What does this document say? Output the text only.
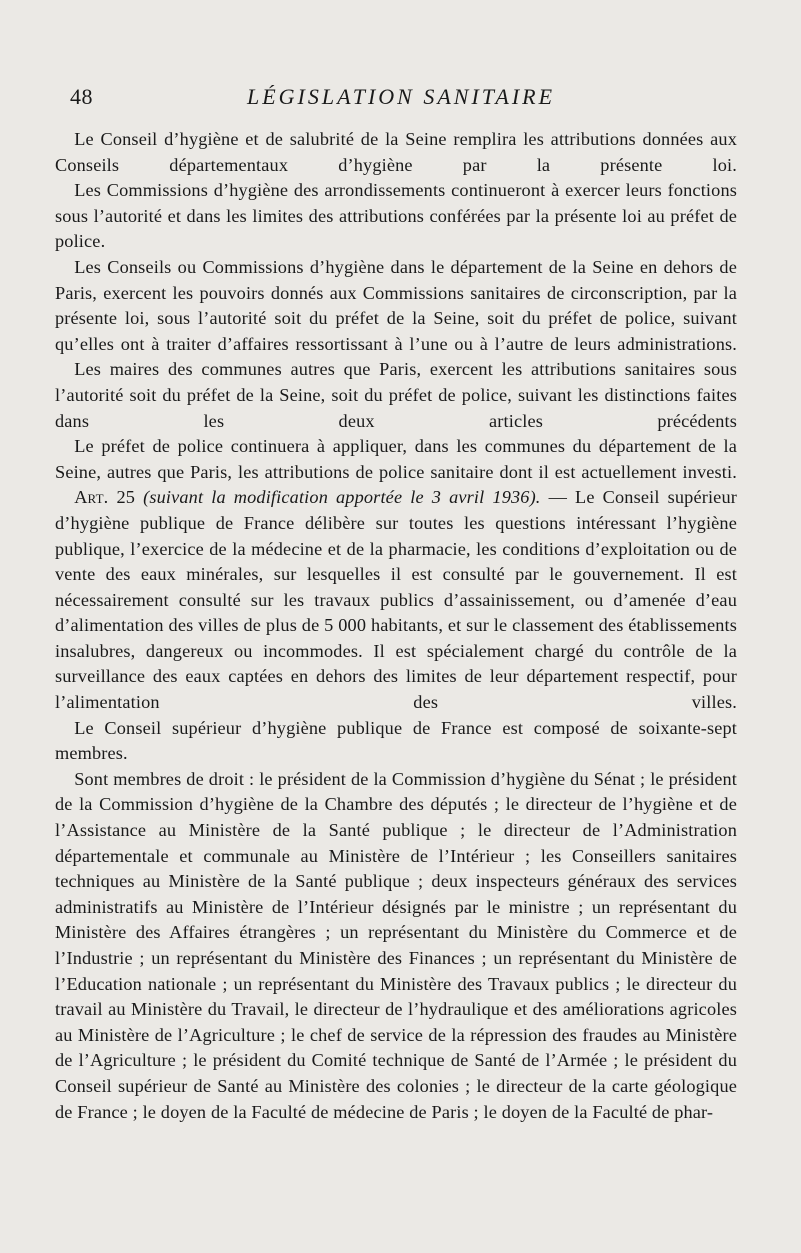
48	LÉGISLATION SANITAIRE

Le Conseil d’hygiène et de salubrité de la Seine remplira les attributions données aux Conseils départementaux d’hygiène par la présente loi.

Les Commissions d’hygiène des arrondissements continueront à exercer leurs fonctions sous l’autorité et dans les limites des attributions conférées par la présente loi au préfet de police.

Les Conseils ou Commissions d’hygiène dans le département de la Seine en dehors de Paris, exercent les pouvoirs donnés aux Commissions sanitaires de circonscription, par la présente loi, sous l’autorité soit du préfet de la Seine, soit du préfet de police, suivant qu’elles ont à traiter d’affaires ressortissant à l’une ou à l’autre de leurs administrations.

Les maires des communes autres que Paris, exercent les attributions sanitaires sous l’autorité soit du préfet de la Seine, soit du préfet de police, suivant les distinctions faites dans les deux articles précédents

Le préfet de police continuera à appliquer, dans les communes du département de la Seine, autres que Paris, les attributions de police sanitaire dont il est actuellement investi.

Art. 25 (suivant la modification apportée le 3 avril 1936). — Le Conseil supérieur d’hygiène publique de France délibère sur toutes les questions intéressant l’hygiène publique, l’exercice de la médecine et de la pharmacie, les conditions d’exploitation ou de vente des eaux minérales, sur lesquelles il est consulté par le gouvernement. Il est nécessairement consulté sur les travaux publics d’assainissement, ou d’amenée d’eau d’alimentation des villes de plus de 5 000 habitants, et sur le classement des établissements insalubres, dangereux ou incommodes. Il est spécialement chargé du contrôle de la surveillance des eaux captées en dehors des limites de leur département respectif, pour l’alimentation des villes.

Le Conseil supérieur d’hygiène publique de France est composé de soixante-sept membres.

Sont membres de droit : le président de la Commission d’hygiène du Sénat ; le président de la Commission d’hygiène de la Chambre des députés ; le directeur de l’hygiène et de l’Assistance au Ministère de la Santé publique ; le directeur de l’Administration départementale et communale au Ministère de l’Intérieur ; les Conseillers sanitaires techniques au Ministère de la Santé publique ; deux inspecteurs généraux des services administratifs au Ministère de l’Intérieur désignés par le ministre ; un représentant du Ministère des Affaires étrangères ; un représentant du Ministère du Commerce et de l’Industrie ; un représentant du Ministère des Finances ; un représentant du Ministère de l’Education nationale ; un représentant du Ministère des Travaux publics ; le directeur du travail au Ministère du Travail, le directeur de l’hydraulique et des améliorations agricoles au Ministère de l’Agriculture ; le chef de service de la répression des fraudes au Ministère de l’Agriculture ; le président du Comité technique de Santé de l’Armée ; le président du Conseil supérieur de Santé au Ministère des colonies ; le directeur de la carte géologique de France ; le doyen de la Faculté de médecine de Paris ; le doyen de la Faculté de phar-
